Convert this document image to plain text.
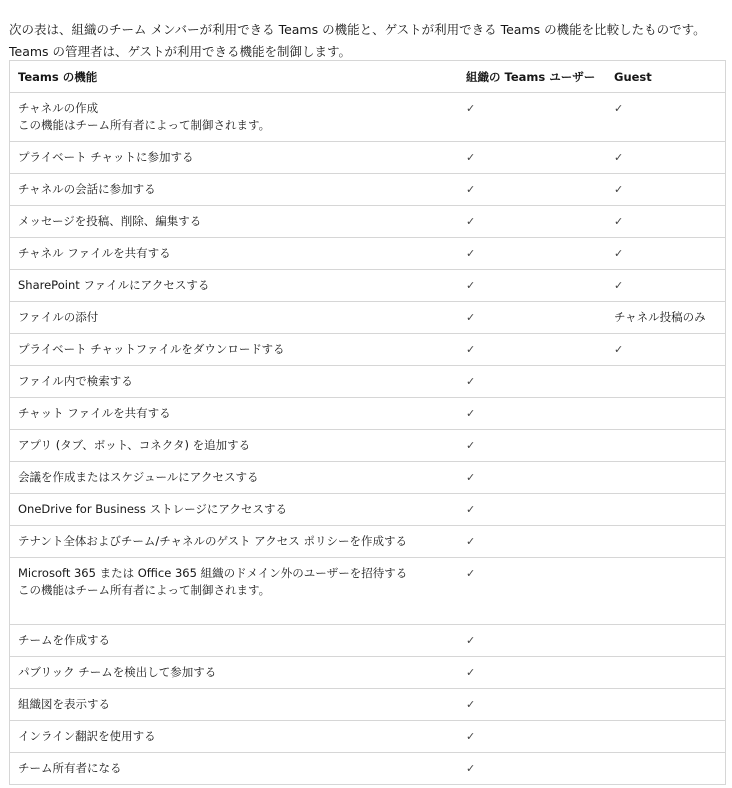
次の表は、組織のチーム メンバーが利用できる Teams の機能と、ゲストが利用できる Teams の機能を比較したものです。 Teams の管理者は、ゲストが利用できる機能を制御します。

Teams の機能	組織の Teams ユーザー	Guest

チャネルの作成
この機能はチーム所有者によって制御されます。	✓	✓

プライベート チャットに参加する	✓	✓

チャネルの会話に参加する	✓	✓

メッセージを投稿、削除、編集する	✓	✓

チャネル ファイルを共有する	✓	✓

SharePoint ファイルにアクセスする	✓	✓

ファイルの添付	✓	チャネル投稿のみ

プライベート チャットファイルをダウンロードする	✓	✓

ファイル内で検索する	✓	

チャット ファイルを共有する	✓	

アプリ (タブ、ボット、コネクタ) を追加する	✓	

会議を作成またはスケジュールにアクセスする	✓	

OneDrive for Business ストレージにアクセスする	✓	

テナント全体およびチーム/チャネルのゲスト アクセス ポリシーを作成する	✓	

Microsoft 365 または Office 365 組織のドメイン外のユーザーを招待する
この機能はチーム所有者によって制御されます。	✓	

チームを作成する	✓	

パブリック チームを検出して参加する	✓	

組織図を表示する	✓	

インライン翻訳を使用する	✓	

チーム所有者になる	✓	
